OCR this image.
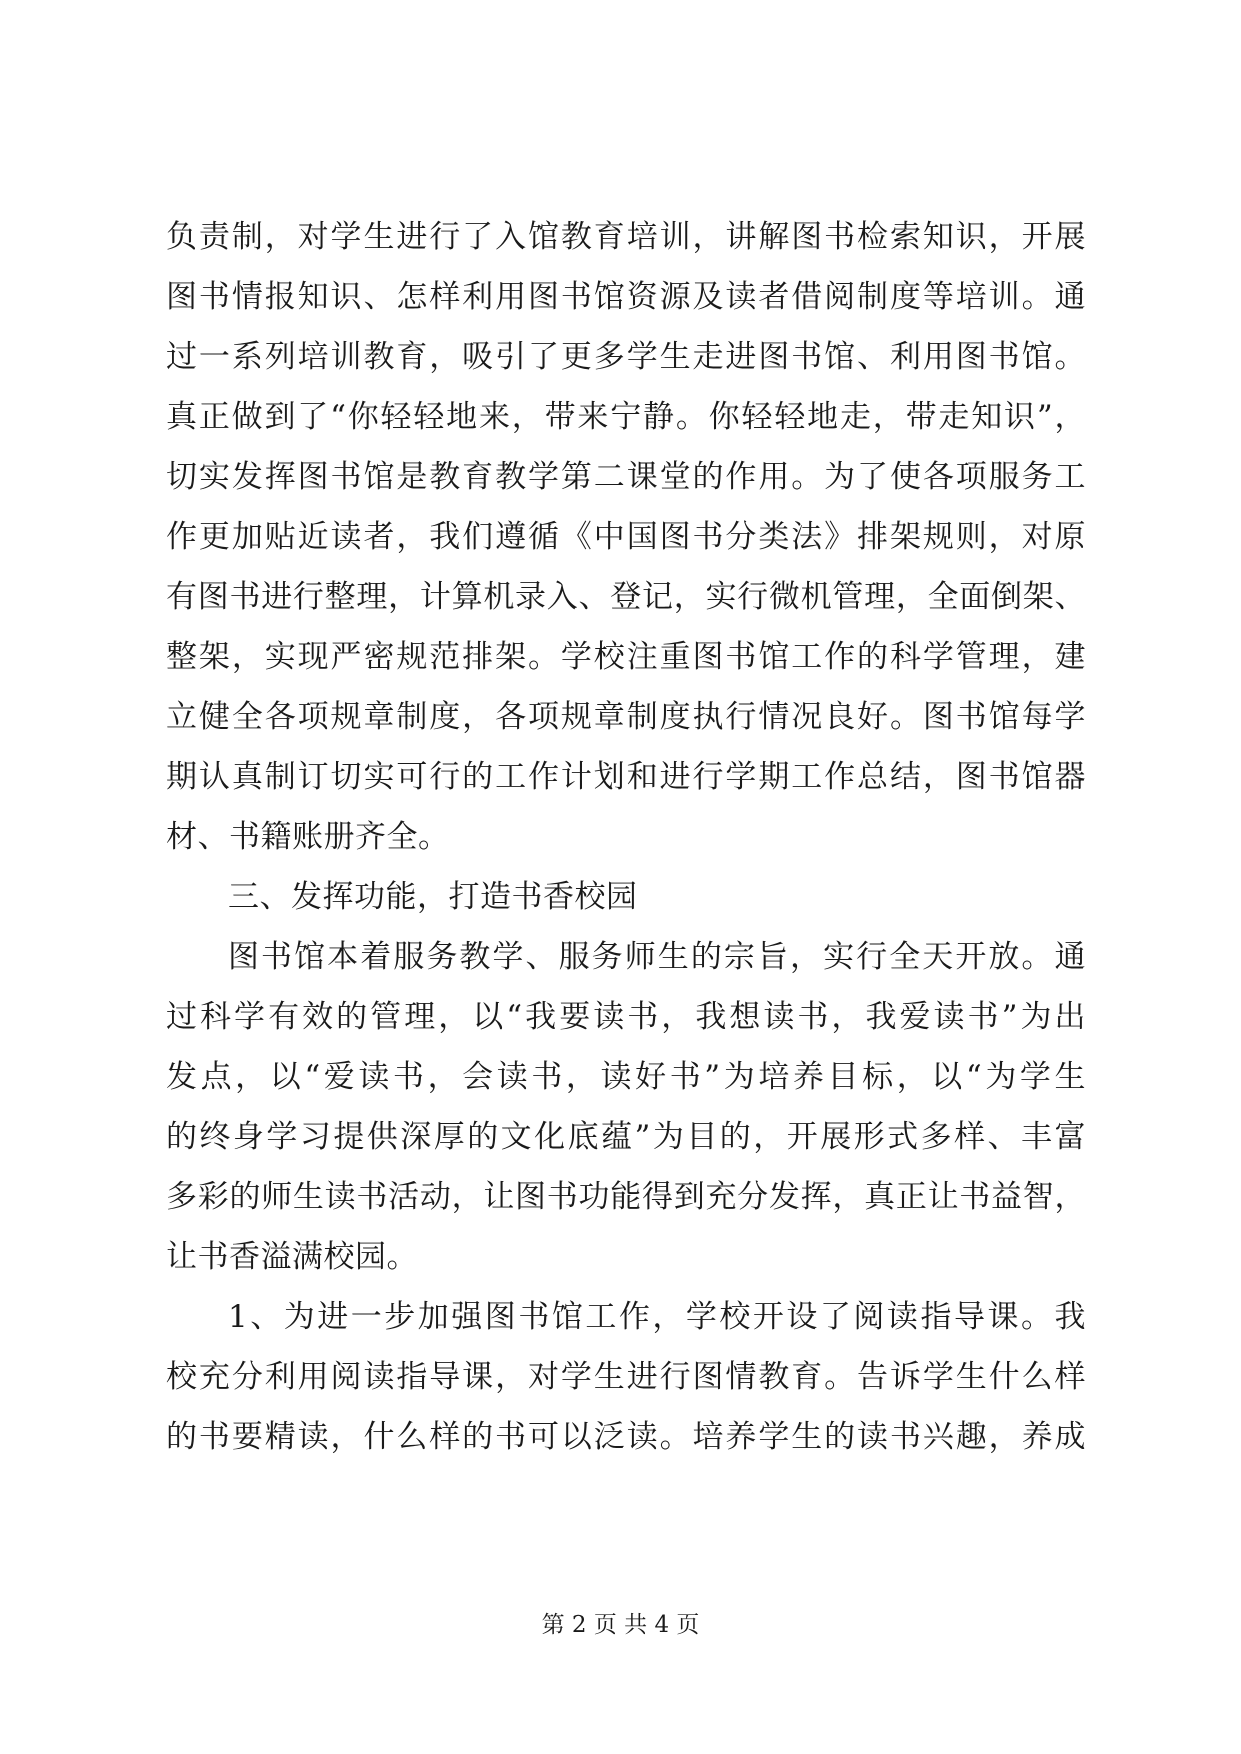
负责制，对学生进行了入馆教育培训，讲解图书检索知识，开展
图书情报知识、怎样利用图书馆资源及读者借阅制度等培训。通
过一系列培训教育，吸引了更多学生走进图书馆、利用图书馆。
真正做到了“你轻轻地来，带来宁静。你轻轻地走，带走知识”，
切实发挥图书馆是教育教学第二课堂的作用。为了使各项服务工
作更加贴近读者，我们遵循《中国图书分类法》排架规则，对原
有图书进行整理，计算机录入、登记，实行微机管理，全面倒架、
整架，实现严密规范排架。学校注重图书馆工作的科学管理，建
立健全各项规章制度，各项规章制度执行情况良好。图书馆每学
期认真制订切实可行的工作计划和进行学期工作总结，图书馆器
材、书籍账册齐全。
三、发挥功能，打造书香校园
图书馆本着服务教学、服务师生的宗旨，实行全天开放。通
过科学有效的管理，以“我要读书，我想读书，我爱读书”为出
发点，以“爱读书，会读书，读好书”为培养目标，以“为学生
的终身学习提供深厚的文化底蕴”为目的，开展形式多样、丰富
多彩的师生读书活动，让图书功能得到充分发挥，真正让书益智，
让书香溢满校园。
1、为进一步加强图书馆工作，学校开设了阅读指导课。我
校充分利用阅读指导课，对学生进行图情教育。告诉学生什么样
的书要精读，什么样的书可以泛读。培养学生的读书兴趣，养成
第 2 页 共 4 页
